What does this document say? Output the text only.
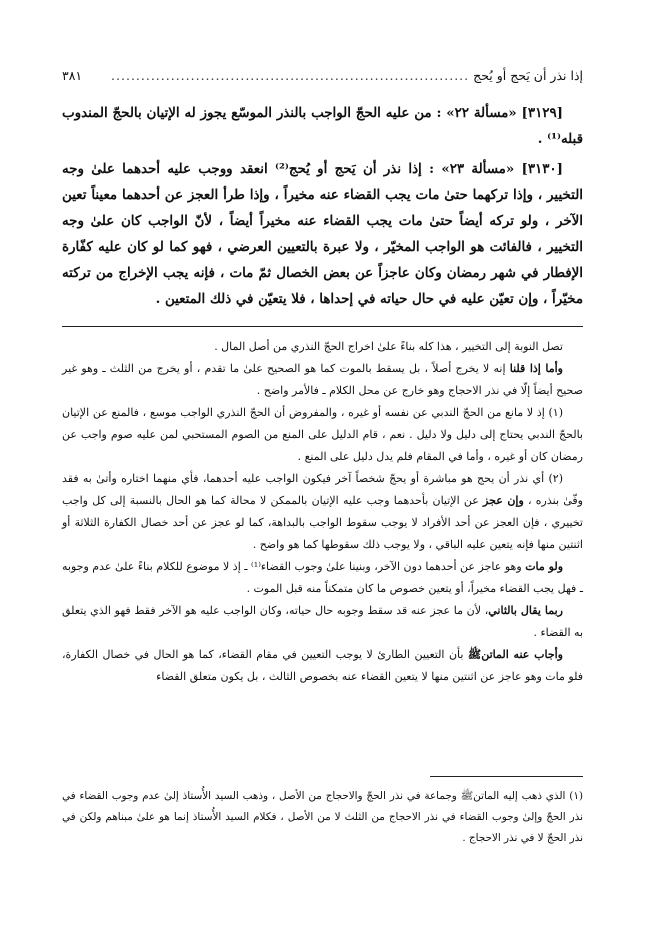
إذا نذر أن يَحج أو يُحج
........................................................................
٣٨١

[٣١٢٩] «مسألة ٢٢» : من عليه الحجّ الواجب بالنذر الموسّع يجوز له الإتيان بالحجّ المندوب قبله⁽¹⁾ .

[٣١٣٠] «مسألة ٢٣» : إذا نذر أن يَحج أو يُحج⁽²⁾ انعقد ووجب عليه أحدهما علىٰ وجه التخيير ، وإذا تركهما حتىٰ مات يجب القضاء عنه مخيراً ، وإذا طرأ العجز عن أحدهما معيناً تعين الآخر ، ولو تركه أيضاً حتىٰ مات يجب القضاء عنه مخيراً أيضاً ، لأنّ الواجب كان علىٰ وجه التخيير ، فالفائت هو الواجب المخيّر ، ولا عبرة بالتعيين العرضي ، فهو كما لو كان عليه كفّارة الإفطار في شهر رمضان وكان عاجزاً عن بعض الخصال ثمّ مات ، فإنه يجب الإخراج من تركته مخيّراً ، وإن تعيّن عليه في حال حياته في إحداها ، فلا يتعيّن في ذلك المتعين .

تصل النوبة إلى التخيير ، هذا كله بناءً علىٰ اخراج الحجّ النذري من أصل المال .

وأما إذا قلنا إنه لا يخرج أصلاً ، بل يسقط بالموت كما هو الصحيح علىٰ ما تقدم ، أو يخرج من الثلث ـ وهو غير صحيح أيضاً إلّا في نذر الاحجاج وهو خارج عن محل الكلام ـ فالأمر واضح .

(١) إذ لا مانع من الحجّ الندبي عن نفسه أو غيره ، والمفروض أن الحجّ النذري الواجب موسع ، فالمنع عن الإتيان بالحجّ الندبي يحتاج إلى دليل ولا دليل . نعم ، قام الدليل على المنع من الصوم المستحبي لمن عليه صوم واجب عن رمضان كان أو غيره ، وأما في المقام فلم يدل دليل على المنع .

(٢) أي نذر أن يحج هو مباشرة أو يحجّ شخصاً آخر فيكون الواجب عليه أحدهما، فأي منهما اختاره وأتىٰ به فقد وفّىٰ بنذره ، وإن عجز عن الإتيان بأحدهما وجب عليه الإتيان بالممكن لا محالة كما هو الحال بالنسبة إلى كل واجب تخييري ، فإن العجز عن أحد الأفراد لا يوجب سقوط الواجب بالبداهة، كما لو عجز عن أحد خصال الكفارة الثلاثة أو اثنتين منها فإنه يتعين عليه الباقي ، ولا يوجب ذلك سقوطها كما هو واضح .

ولو مات وهو عاجز عن أحدهما دون الآخر، وبنينا علىٰ وجوب القضاء⁽¹⁾ ـ إذ لا موضوع للكلام بناءً علىٰ عدم وجوبه ـ فهل يجب القضاء مخيراً، أو يتعين خصوص ما كان متمكناً منه قبل الموت .

ربما يقال بالثاني، لأن ما عجز عنه قد سقط وجوبه حال حياته، وكان الواجب عليه هو الآخر فقط فهو الذي يتعلق به القضاء .

وأجاب عنه الماتنﷺ بأن التعيين الطارئ لا يوجب التعيين في مقام القضاء، كما هو الحال في خصال الكفارة، فلو مات وهو عاجز عن اثنتين منها لا يتعين القضاء عنه بخصوص الثالث ، بل يكون متعلق القضاء

(١) الذي ذهب إليه الماتنﷺ وجماعة في نذر الحجّ والاحجاج من الأصل ، وذهب السيد الأُستاذ إلىٰ عدم وجوب القضاء في نذر الحجّ وإلىٰ وجوب القضاء في نذر الاحجاج من الثلث لا من الأصل ، فكلام السيد الأُستاذ إنما هو علىٰ مبناهم ولكن في نذر الحجّ لا في نذر الاحجاج .
